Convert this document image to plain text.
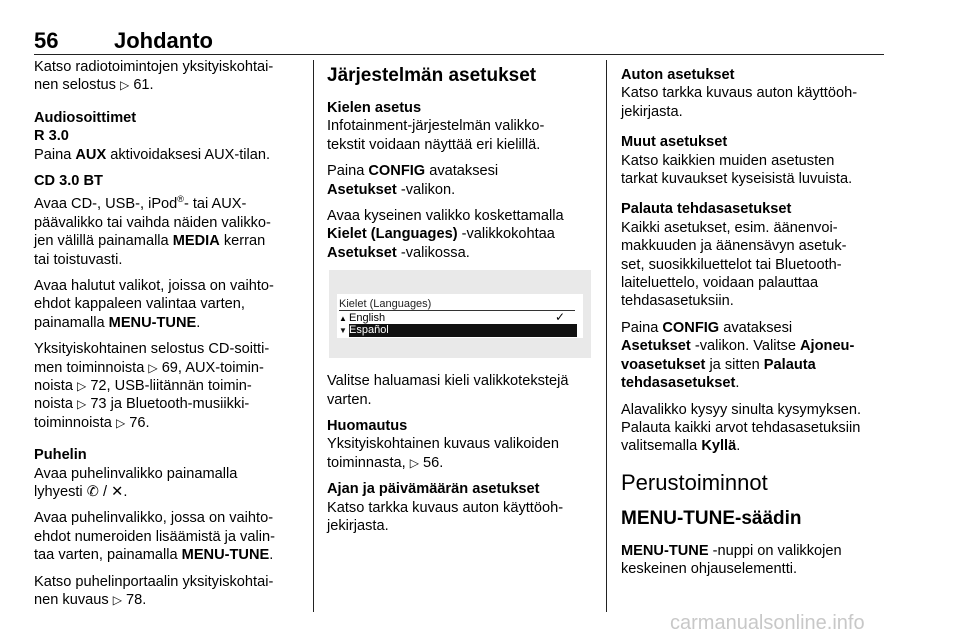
56	Johdanto

Katso radiotoimintojen yksityiskohtai-
nen selostus ▷ 61.

Audiosoittimet

R 3.0

Paina AUX aktivoidaksesi AUX-tilan.

CD 3.0 BT

Avaa CD-, USB-, iPod®- tai AUX-
päävalikko tai vaihda näiden valikko-
jen välillä painamalla MEDIA kerran
tai toistuvasti.

Avaa halutut valikot, joissa on vaihto-
ehdot kappaleen valintaa varten,
painamalla MENU-TUNE.

Yksityiskohtainen selostus CD-soitti-
men toiminnoista ▷ 69, AUX-toimin-
noista ▷ 72, USB-liitännän toimin-
noista ▷ 73 ja Bluetooth-musiikki-
toiminnoista ▷ 76.

Puhelin

Avaa puhelinvalikko painamalla
lyhyesti ✆ / ✕.

Avaa puhelinvalikko, jossa on vaihto-
ehdot numeroiden lisäämistä ja valin-
taa varten, painamalla MENU-TUNE.

Katso puhelinportaalin yksityiskohtai-
nen kuvaus ▷ 78.

Järjestelmän asetukset

Kielen asetus

Infotainment-järjestelmän valikko-
tekstit voidaan näyttää eri kielillä.

Paina CONFIG avataksesi
Asetukset -valikon.

Avaa kyseinen valikko koskettamalla
Kielet (Languages) -valikkokohtaa
Asetukset -valikossa.

Kielet (Languages)
▲ English	✓
▼ Español

Valitse haluamasi kieli valikkotekstejä
varten.

Huomautus

Yksityiskohtainen kuvaus valikoiden
toiminnasta, ▷ 56.

Ajan ja päivämäärän asetukset

Katso tarkka kuvaus auton käyttöoh-
jekirjasta.

Auton asetukset

Katso tarkka kuvaus auton käyttöoh-
jekirjasta.

Muut asetukset

Katso kaikkien muiden asetusten
tarkat kuvaukset kyseisistä luvuista.

Palauta tehdasasetukset

Kaikki asetukset, esim. äänenvoi-
makkuuden ja äänensävyn asetuk-
set, suosikkiluettelot tai Bluetooth-
laiteluettelo, voidaan palauttaa
tehdasasetuksiin.

Paina CONFIG avataksesi
Asetukset -valikon. Valitse Ajoneu-
voasetukset ja sitten Palauta
tehdasasetukset.

Alavalikko kysyy sinulta kysymyksen.
Palauta kaikki arvot tehdasasetuksiin
valitsemalla Kyllä.

Perustoiminnot
MENU-TUNE-säädin

MENU-TUNE -nuppi on valikkojen
keskeinen ohjauselementti.

carmanualsonline.info
